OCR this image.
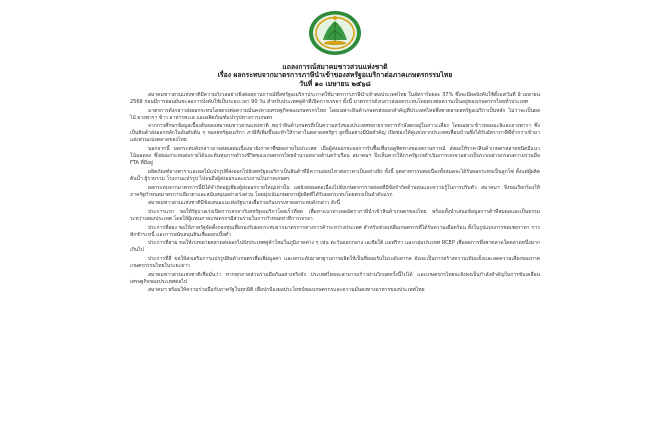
แถลงการณ์สมาคมชาวสวนแห่งชาติ
เรื่อง ผลกระทบจากมาตรการภาษีนำเข้าของสหรัฐอเมริกาต่อภาคเกษตรกรรมไทย
วันที่ ๑๐ เมษายน ๒๕๖๘

สมาคมชาวสวนแห่งชาติมีความกังวลอย่างยิ่งต่อสถานการณ์ที่สหรัฐอเมริกาประกาศใช้มาตรการภาษีนำเข้าต่อประเทศไทย ในอัตราร้อยละ 37% ซึ่งจะมีผลบังคับใช้ตั้งแต่วันที่ 9 เมษายน 2568 ก่อนมีการผ่อนผันชะลอการบังคับใช้เป็นระยะเวลา 90 วัน สำหรับประเทศคู่ค้าที่เปิดการเจรจา ทั้งนี้ มาตรการดังกล่าวส่งผลกระทบโดยตรงต่อความเป็นอยู่ของเกษตรกรไทยทั่วประเทศ

มาตรการดังกล่าวส่งผลกระทบโดยตรงต่อความมั่นคงทางเศรษฐกิจของเกษตรกรไทย โดยเฉพาะสินค้าเกษตรส่งออกสำคัญที่ประเทศไทยพึ่งพาตลาดสหรัฐอเมริกาเป็นหลัก ไม่ว่าจะเป็นผลไม้ ยางพารา ข้าว อาหารทะเล และผลิตภัณฑ์แปรรูปทางการเกษตร

จากการศึกษาข้อมูลเบื้องต้นของสมาคมชาวสวนแห่งชาติ พบว่าสินค้าเกษตรที่เป็นความหวังของประเทศหลายรายการกำลังตกอยู่ในภาวะเสี่ยง โดยเฉพาะข้าวหอมมะลิและยางพารา ซึ่งเป็นสินค้าส่งออกหลักในอันดับต้น ๆ ของสหรัฐอเมริกา ภาษีที่เพิ่มขึ้นจะทำให้ราคาในตลาดสหรัฐฯ สูงขึ้นอย่างมีนัยสำคัญ เปิดช่องให้คู่แข่งจากประเทศเพื่อนบ้านซึ่งได้รับอัตราภาษีที่ต่ำกว่าเข้ามาแย่งส่วนแบ่งตลาดของไทย

นอกจากนี้ ผลกระทบดังกล่าวอาจส่งผลต่อเนื่องมายังราคาพืชผลภายในประเทศ เมื่อผู้ส่งออกชะลอการรับซื้อเพื่อรอดูทิศทางของสถานการณ์ ส่งผลให้ราคาสินค้าเกษตรหลายชนิดมีแนวโน้มลดลง ซึ่งย่อมกระทบต่อรายได้และต้นทุนการดำรงชีวิตของเกษตรกรไทยจำนวนหลายล้านครัวเรือน สมาคมฯ จึงเห็นควรให้ภาครัฐเร่งดำเนินการเจรจาอย่างเป็นระบบผ่านกรอบความร่วมมือ FTA ที่มีอยู่

ผลิตภัณฑ์ยางพาราและผลไม้แปรรูปที่ส่งออกไปยังสหรัฐอเมริกาเป็นสินค้าที่มีความอ่อนไหวต่อราคาเป็นอย่างยิ่ง ทั้งนี้ อุตสาหกรรมต่อเนื่องทั้งหมดจะได้รับผลกระทบเป็นลูกโซ่ ตั้งแต่ผู้ผลิตต้นน้ำ ผู้รวบรวม โรงงานแปรรูป ไปจนถึงผู้ส่งออกและแรงงานในภาคเกษตร

ผลกระทบจากมาตรการนี้มิได้จำกัดอยู่เพียงผู้ส่งออกรายใหญ่เท่านั้น แต่ยังส่งผลต่อเนื่องไปยังเกษตรกรรายย่อยที่มีข้อจำกัดด้านทุนและความรู้ในการปรับตัว สมาคมฯ จึงขอเรียกร้องให้ภาครัฐกำหนดมาตรการเยียวยาและสนับสนุนอย่างเร่งด่วน โดยมุ่งเน้นเกษตรกรผู้ผลิตที่ได้รับผลกระทบโดยตรงเป็นลำดับแรก

สมาคมชาวสวนแห่งชาติมีข้อเสนอแนะต่อรัฐบาลเพื่อร่วมกันบรรเทาผลกระทบดังกล่าว ดังนี้

ประการแรก ขอให้รัฐบาลเร่งเปิดการเจรจากับสหรัฐอเมริกาโดยเร็วที่สุด เพื่อหาแนวทางลดอัตราภาษีนำเข้าสินค้าเกษตรของไทย พร้อมทั้งนำเสนอข้อมูลการค้าที่สมดุลและเป็นธรรมระหว่างสองประเทศ โดยให้ผู้แทนภาคเกษตรกรมีส่วนร่วมในการกำหนดท่าทีการเจรจา

ประการที่สอง ขอให้ภาครัฐจัดตั้งกองทุนเพื่อรองรับผลกระทบจากมาตรการทางการค้าระหว่างประเทศ สำหรับช่วยเหลือเกษตรกรที่ได้รับความเดือดร้อน ทั้งในรูปแบบการชดเชยราคา การพักชำระหนี้ และการสนับสนุนสินเชื่อดอกเบี้ยต่ำ

ประการที่สาม ขอให้เร่งขยายตลาดส่งออกไปยังประเทศคู่ค้าใหม่ในภูมิภาคต่าง ๆ เช่น ตะวันออกกลาง เอเชียใต้ แอฟริกา และกลุ่มประเทศ RCEP เพื่อลดการพึ่งพาตลาดใดตลาดหนึ่งมากเกินไป

ประการที่สี่ ขอให้ส่งเสริมการแปรรูปสินค้าเกษตรเพื่อเพิ่มมูลค่า และยกระดับมาตรฐานการผลิตให้เป็นที่ยอมรับในระดับสากล อันจะเป็นการสร้างความเข้มแข็งและลดความเสี่ยงของภาคเกษตรกรรมไทยในระยะยาว

สมาคมชาวสวนแห่งชาติเชื่อมั่นว่า หากทุกภาคส่วนร่วมมือกันอย่างจริงจัง ประเทศไทยจะสามารถก้าวผ่านวิกฤตครั้งนี้ไปได้ และเกษตรกรไทยจะยังคงเป็นกำลังสำคัญในการขับเคลื่อนเศรษฐกิจของประเทศต่อไป

สมาคมฯ พร้อมให้ความร่วมมือกับภาครัฐในทุกมิติ เพื่อปกป้องผลประโยชน์ของเกษตรกรและความมั่นคงทางอาหารของประเทศไทย
